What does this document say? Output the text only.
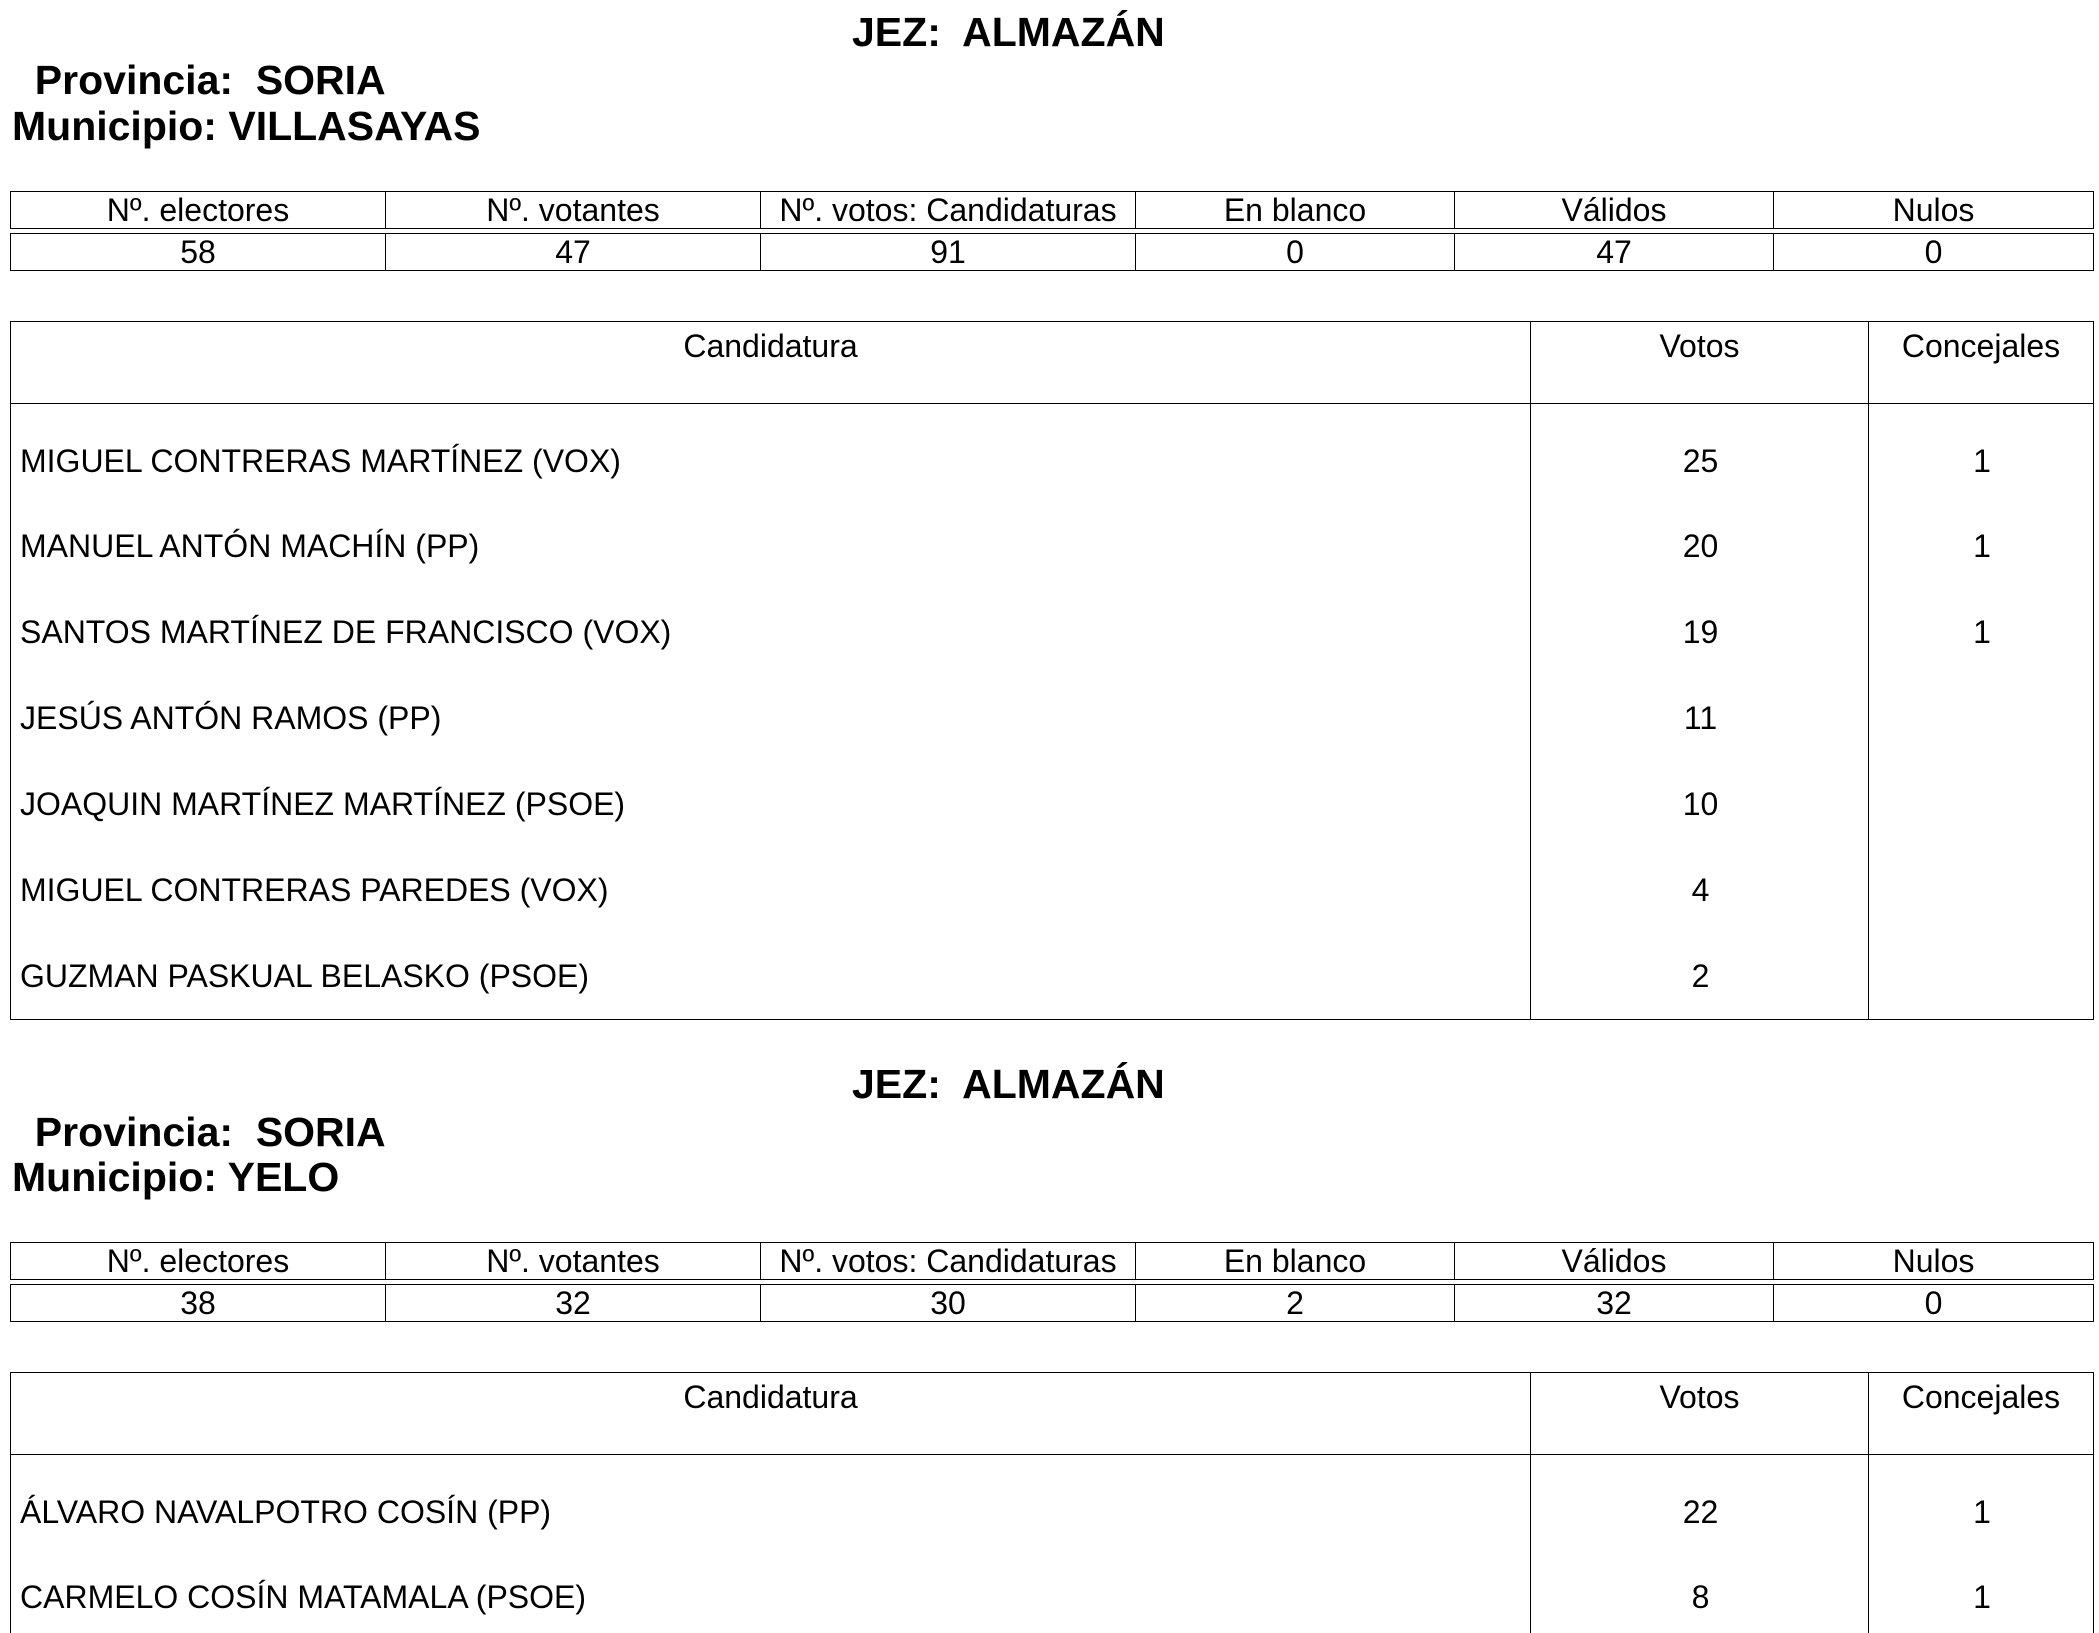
Provincia:  SORIA

JEZ:  ALMAZÁN

Municipio: VILLASAYAS
Nº. electores	Nº. votantes	Nº. votos: Candidaturas	En blanco	Válidos	Nulos

58	47	91	0	47	0
Candidatura	Votos	Concejales
MIGUEL CONTRERAS MARTÍNEZ (VOX)	25	1
MANUEL ANTÓN MACHÍN (PP)	20	1
SANTOS MARTÍNEZ DE FRANCISCO (VOX)	19	1
JESÚS ANTÓN RAMOS (PP)	11	
JOAQUIN MARTÍNEZ MARTÍNEZ (PSOE)	10	
MIGUEL CONTRERAS PAREDES (VOX)	4	
GUZMAN PASKUAL BELASKO (PSOE)	2	

Provincia:  SORIA

JEZ:  ALMAZÁN

Municipio: YELO
Nº. electores	Nº. votantes	Nº. votos: Candidaturas	En blanco	Válidos	Nulos

38	32	30	2	32	0
Candidatura	Votos	Concejales
ÁLVARO NAVALPOTRO COSÍN (PP)	22	1
CARMELO COSÍN MATAMALA (PSOE)	8	1
